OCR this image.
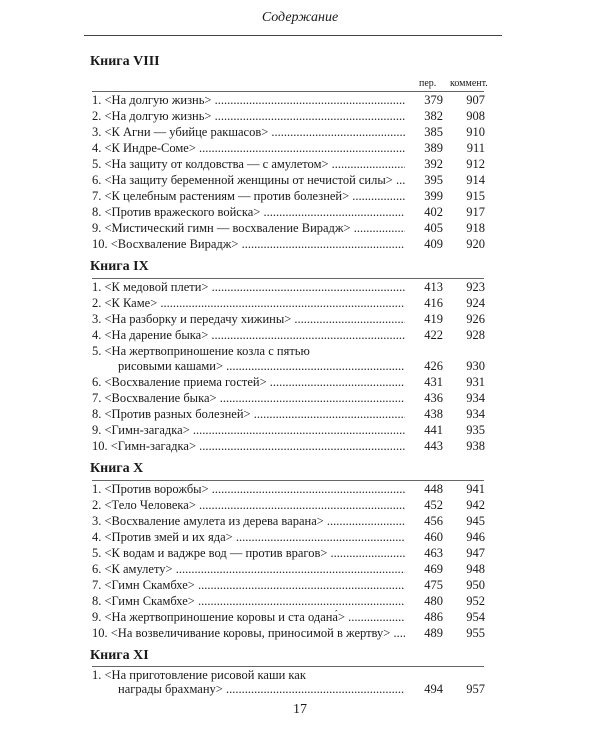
Содержание
Книга VIII
пер. коммент.
1. <На долгую жизнь> .....	379	907
2. <На долгую жизнь> .....	382	908
3. <К Агни — убийце ракшасов> .....	385	910
4. <К Индре-Соме> .....	389	911
5. <На защиту от колдовства — с амулетом> .....	392	912
6. <На защиту беременной женщины от нечистой силы> .....	395	914
7. <К целебным растениям — против болезней> .....	399	915
8. <Против вражеского войска> .....	402	917
9. <Мистический гимн — восхваление Вирадж> .....	405	918
10. <Восхваление Вирадж> .....	409	920
Книга IX
1. <К медовой плети> .....	413	923
2. <К Каме> .....	416	924
3. <На разборку и передачу хижины> .....	419	926
4. <На дарение быка> .....	422	928
5. <На жертвоприношение козла с пятью
рисовыми кашами> .....	426	930
6. <Восхваление приема гостей> .....	431	931
7. <Восхваление быка> .....	436	934
8. <Против разных болезней> .....	438	934
9. <Гимн-загадка> .....	441	935
10. <Гимн-загадка> .....	443	938
Книга X
1. <Против ворожбы> .....	448	941
2. <Тело Человека> .....	452	942
3. <Восхваление амулета из дерева варана> .....	456	945
4. <Против змей и их яда> .....	460	946
5. <К водам и ваджре вод — против врагов> .....	463	947
6. <К амулету> .....	469	948
7. <Гимн Скамбхе> .....	475	950
8. <Гимн Скамбхе> .....	480	952
9. <На жертвоприношение коровы и ста одана́> .....	486	954
17
10. <На возвеличивание коровы, приносимой в жертву> .....	489	955
Книга XI
1. <На приготовление рисовой каши как
награды брахману> .....	494	957
